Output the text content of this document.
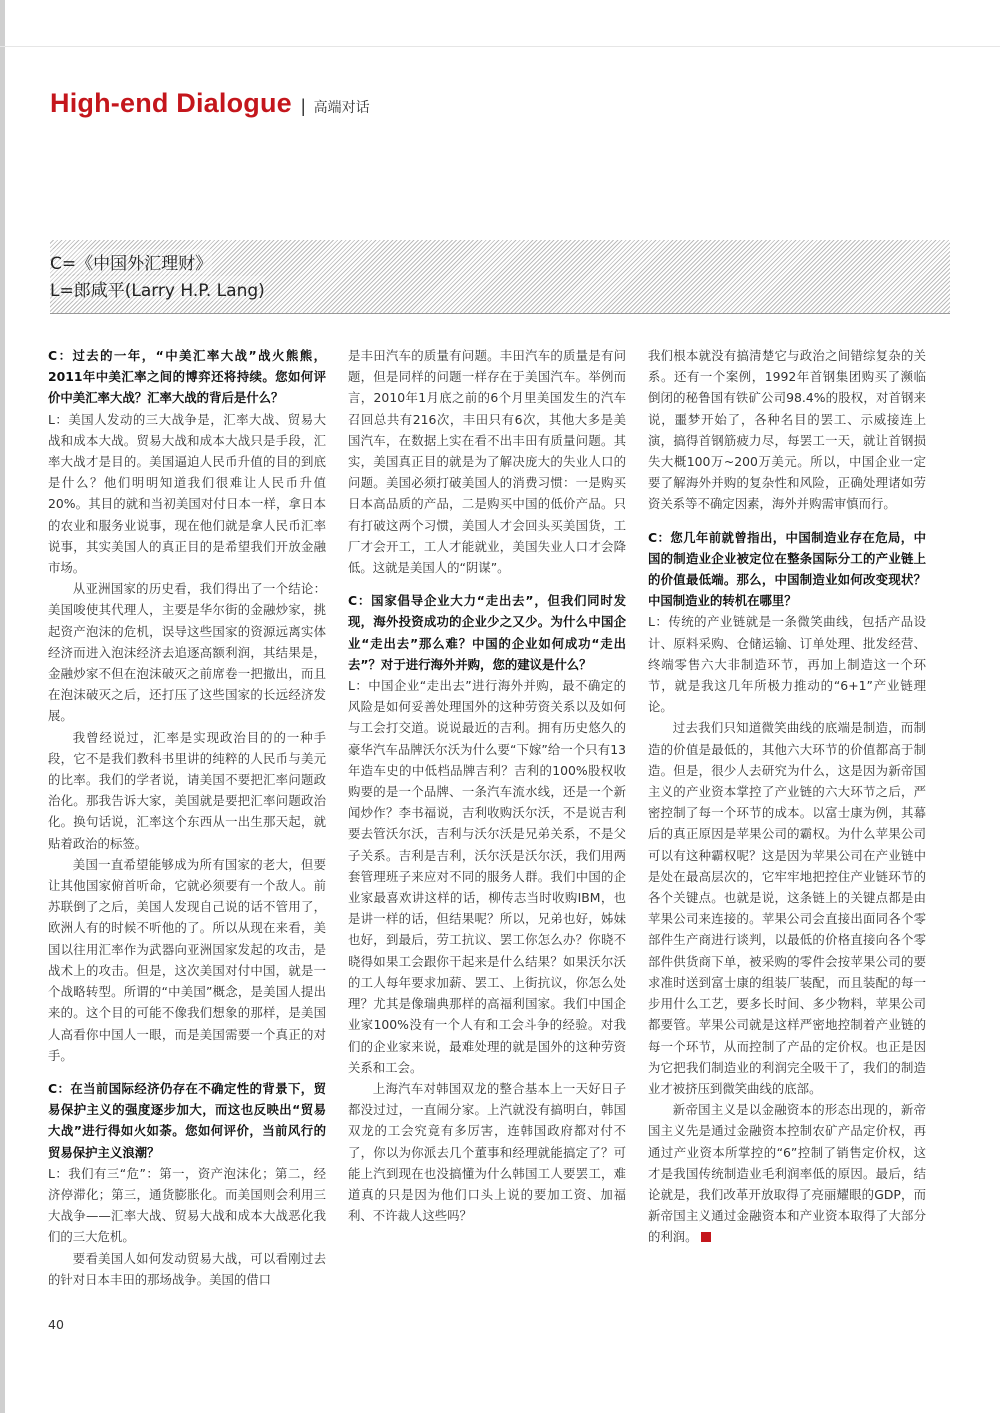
High-end Dialogue | 高端对话
C=《中国外汇理财》
L=郎咸平(Larry H.P. Lang)

C：过去的一年，“中美汇率大战”战火熊熊，2011年中美汇率之间的博弈还将持续。您如何评价中美汇率大战？汇率大战的背后是什么？

L：美国人发动的三大战争是，汇率大战、贸易大战和成本大战。贸易大战和成本大战只是手段，汇率大战才是目的。美国逼迫人民币升值的目的到底是什么？他们明明知道我们很难让人民币升值20%。其目的就和当初美国对付日本一样，拿日本的农业和服务业说事，现在他们就是拿人民币汇率说事，其实美国人的真正目的是希望我们开放金融市场。

从亚洲国家的历史看，我们得出了一个结论：美国唆使其代理人，主要是华尔街的金融炒家，挑起资产泡沫的危机，误导这些国家的资源远离实体经济而进入泡沫经济去追逐高额利润，其结果是，金融炒家不但在泡沫破灭之前席卷一把撤出，而且在泡沫破灭之后，还打压了这些国家的长远经济发展。

我曾经说过，汇率是实现政治目的的一种手段，它不是我们教科书里讲的纯粹的人民币与美元的比率。我们的学者说，请美国不要把汇率问题政治化。那我告诉大家，美国就是要把汇率问题政治化。换句话说，汇率这个东西从一出生那天起，就贴着政治的标签。

美国一直希望能够成为所有国家的老大，但要让其他国家俯首听命，它就必须要有一个敌人。前苏联倒了之后，美国人发现自己说的话不管用了，欧洲人有的时候不听他的了。所以从现在来看，美国以往用汇率作为武器向亚洲国家发起的攻击，是战术上的攻击。但是，这次美国对付中国，就是一个战略转型。所谓的“中美国”概念，是美国人提出来的。这个目的可能不像我们想象的那样，是美国人高看你中国人一眼，而是美国需要一个真正的对手。

C：在当前国际经济仍存在不确定性的背景下，贸易保护主义的强度逐步加大，而这也反映出“贸易大战”进行得如火如荼。您如何评价，当前风行的贸易保护主义浪潮？

L：我们有三“危”：第一，资产泡沫化；第二，经济停滞化；第三，通货膨胀化。而美国则会利用三大战争——汇率大战、贸易大战和成本大战恶化我们的三大危机。

要看美国人如何发动贸易大战，可以看刚过去的针对日本丰田的那场战争。美国的借口

是丰田汽车的质量有问题。丰田汽车的质量是有问题，但是同样的问题一样存在于美国汽车。举例而言，2010年1月底之前的6个月里美国发生的汽车召回总共有216次，丰田只有6次，其他大多是美国汽车，在数据上实在看不出丰田有质量问题。其实，美国真正目的就是为了解决庞大的失业人口的问题。美国必须打破美国人的消费习惯：一是购买日本高品质的产品，二是购买中国的低价产品。只有打破这两个习惯，美国人才会回头买美国货，工厂才会开工，工人才能就业，美国失业人口才会降低。这就是美国人的“阴谋”。

C：国家倡导企业大力“走出去”，但我们同时发现，海外投资成功的企业少之又少。为什么中国企业“走出去”那么难？中国的企业如何成功“走出去”？对于进行海外并购，您的建议是什么？

L：中国企业“走出去”进行海外并购，最不确定的风险是如何妥善处理国外的这种劳资关系以及如何与工会打交道。说说最近的吉利。拥有历史悠久的豪华汽车品牌沃尔沃为什么要“下嫁”给一个只有13年造车史的中低档品牌吉利？吉利的100%股权收购要的是一个品牌、一条汽车流水线，还是一个新闻炒作？李书福说，吉利收购沃尔沃，不是说吉利要去管沃尔沃，吉利与沃尔沃是兄弟关系，不是父子关系。吉利是吉利，沃尔沃是沃尔沃，我们用两套管理班子来应对不同的服务人群。我们中国的企业家最喜欢讲这样的话，柳传志当时收购IBM，也是讲一样的话，但结果呢？所以，兄弟也好，姊妹也好，到最后，劳工抗议、罢工你怎么办？你晓不晓得如果工会跟你干起来是什么结果？如果沃尔沃的工人每年要求加薪、罢工、上街抗议，你怎么处理？尤其是像瑞典那样的高福利国家。我们中国企业家100%没有一个人有和工会斗争的经验。对我们的企业家来说，最难处理的就是国外的这种劳资关系和工会。

上海汽车对韩国双龙的整合基本上一天好日子都没过过，一直闹分家。上汽就没有搞明白，韩国双龙的工会究竟有多厉害，连韩国政府都对付不了，你以为你派去几个董事和经理就能搞定了？可能上汽到现在也没搞懂为什么韩国工人要罢工，难道真的只是因为他们口头上说的要加工资、加福利、不许裁人这些吗？

我们根本就没有搞清楚它与政治之间错综复杂的关系。还有一个案例，1992年首钢集团购买了濒临倒闭的秘鲁国有铁矿公司98.4%的股权，对首钢来说，噩梦开始了，各种名目的罢工、示威接连上演，搞得首钢筋疲力尽，每罢工一天，就让首钢损失大概100万~200万美元。所以，中国企业一定要了解海外并购的复杂性和风险，正确处理诸如劳资关系等不确定因素，海外并购需审慎而行。

C：您几年前就曾指出，中国制造业存在危局，中国的制造业企业被定位在整条国际分工的产业链上的价值最低端。那么，中国制造业如何改变现状？中国制造业的转机在哪里？

L：传统的产业链就是一条微笑曲线，包括产品设计、原料采购、仓储运输、订单处理、批发经营、终端零售六大非制造环节，再加上制造这一个环节，就是我这几年所极力推动的“6+1”产业链理论。

过去我们只知道微笑曲线的底端是制造，而制造的价值是最低的，其他六大环节的价值都高于制造。但是，很少人去研究为什么，这是因为新帝国主义的产业资本掌控了产业链的六大环节之后，严密控制了每一个环节的成本。以富士康为例，其幕后的真正原因是苹果公司的霸权。为什么苹果公司可以有这种霸权呢？这是因为苹果公司在产业链中是处在最高层次的，它牢牢地把控住产业链环节的各个关键点。也就是说，这条链上的关键点都是由苹果公司来连接的。苹果公司会直接出面同各个零部件生产商进行谈判，以最低的价格直接向各个零部件供货商下单，被采购的零件会按苹果公司的要求准时送到富士康的组装厂装配，而且装配的每一步用什么工艺，要多长时间、多少物料，苹果公司都要管。苹果公司就是这样严密地控制着产业链的每一个环节，从而控制了产品的定价权。也正是因为它把我们制造业的利润完全吸干了，我们的制造业才被挤压到微笑曲线的底部。

新帝国主义是以金融资本的形态出现的，新帝国主义先是通过金融资本控制农矿产品定价权，再通过产业资本所掌控的“6”控制了销售定价权，这才是我国传统制造业毛利润率低的原因。最后，结论就是，我们改革开放取得了亮丽耀眼的GDP，而新帝国主义通过金融资本和产业资本取得了大部分的利润。

40
